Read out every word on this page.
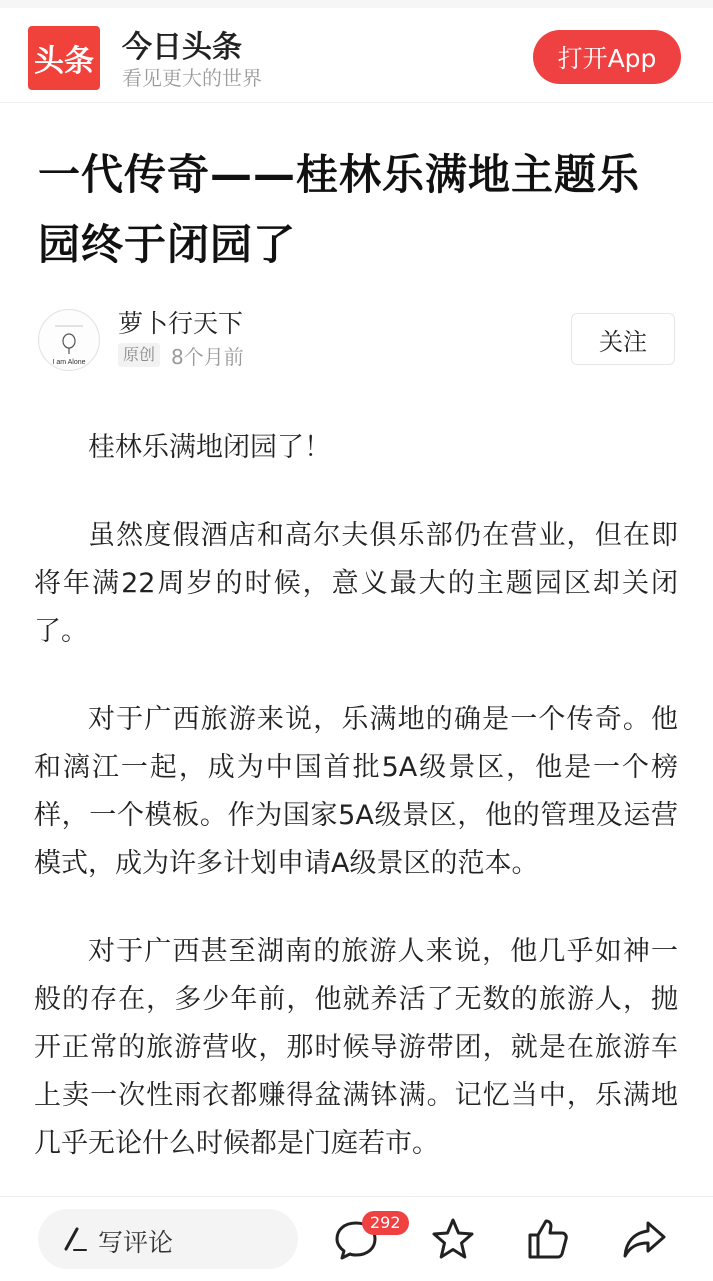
头条 今日头条
看见更大的世界
打开App
一代传奇——桂林乐满地主题乐园终于闭园了
I am Alone
萝卜行天下
原创 8个月前
关注

桂林乐满地闭园了！

虽然度假酒店和高尔夫俱乐部仍在营业，但在即将年满22周岁的时候，意义最大的主题园区却关闭了。

对于广西旅游来说，乐满地的确是一个传奇。他和漓江一起，成为中国首批5A级景区，他是一个榜样，一个模板。作为国家5A级景区，他的管理及运营模式，成为许多计划申请A级景区的范本。

对于广西甚至湖南的旅游人来说，他几乎如神一般的存在，多少年前，他就养活了无数的旅游人，抛开正常的旅游营收，那时候导游带团，就是在旅游车上卖一次性雨衣都赚得盆满钵满。记忆当中，乐满地几乎无论什么时候都是门庭若市。

写评论
292
